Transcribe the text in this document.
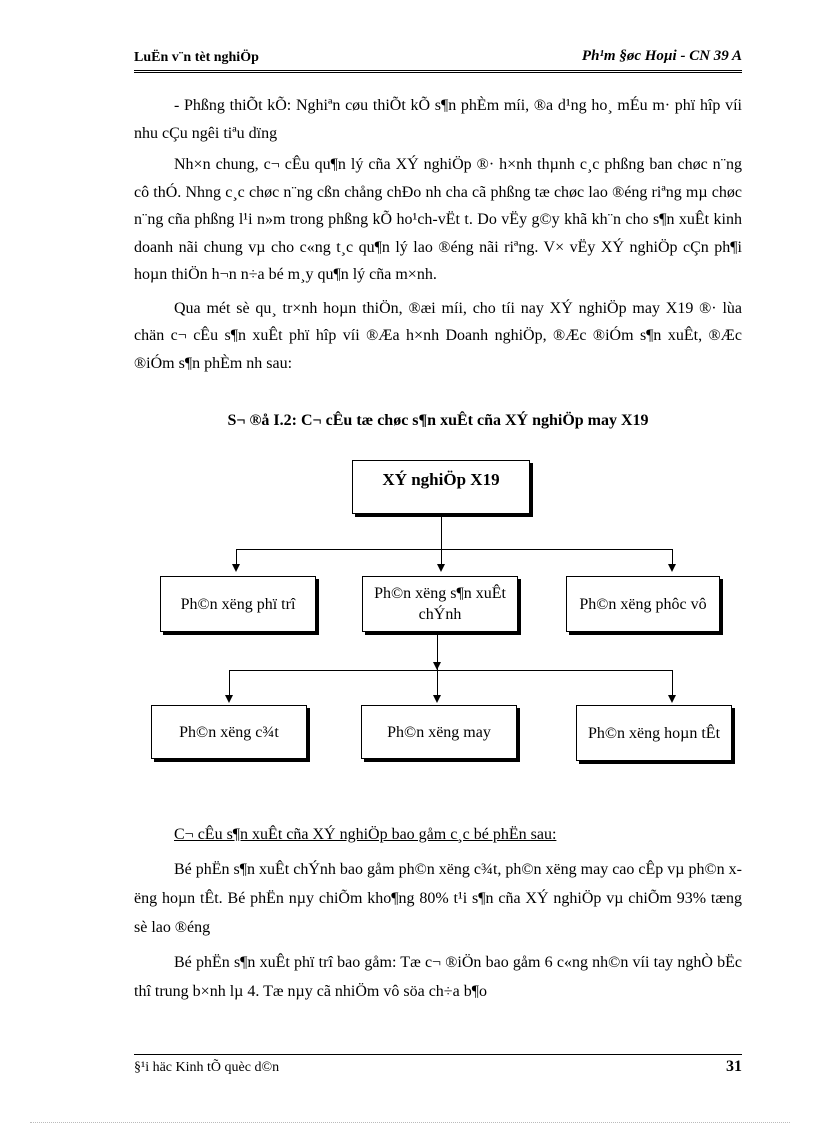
LuËn v¨n tèt nghiÖp	Ph¹m §øc Hoµi - CN 39 A

- Phßng thiÕt kÕ: Nghiªn cøu thiÕt kÕ s¶n phÈm míi, ®a d¹ng ho¸ mÉu m· phï hîp víi nhu cÇu ngêi tiªu dïng

Nh×n chung, c¬ cÊu qu¶n lý cña XÝ nghiÖp ®· h×nh thµnh c¸c phßng ban chøc n¨ng cô thÓ. Nhng c¸c chøc n¨ng cßn chång chÐo nh cha cã phßng tæ chøc lao ®éng riªng mµ chøc n¨ng cña phßng l¹i n»m trong phßng kÕ ho¹ch-vËt t. Do vËy g©y khã kh¨n cho s¶n xuÊt kinh doanh nãi chung vµ cho c«ng t¸c qu¶n lý lao ®éng nãi riªng. V× vËy XÝ nghiÖp cÇn ph¶i hoµn thiÖn h¬n n÷a bé m¸y qu¶n lý cña m×nh.

Qua mét sè qu¸ tr×nh hoµn thiÖn, ®æi míi, cho tíi nay XÝ nghiÖp may X19 ®· lùa chän c¬ cÊu s¶n xuÊt phï hîp víi ®Æa h×nh Doanh nghiÖp, ®Æc ®iÓm s¶n xuÊt, ®Æc ®iÓm s¶n phÈm nh sau:

S¬ ®å I.2: C¬ cÊu tæ chøc s¶n xuÊt cña XÝ nghiÖp may X19
XÝ nghiÖp X19
Ph©n xëng phï trî
Ph©n xëng s¶n xuÊt chÝnh
Ph©n xëng phôc vô
Ph©n xëng c¾t	Ph©n xëng may	Ph©n xëng hoµn tÊt

C¬ cÊu s¶n xuÊt cña XÝ nghiÖp bao gåm c¸c bé phËn sau:

Bé phËn s¶n xuÊt chÝnh bao gåm ph©n xëng c¾t, ph©n xëng may cao cÊp vµ ph©n xëng hoµn tÊt. Bé phËn nµy chiÕm kho¶ng 80% t¹i s¶n cña XÝ nghiÖp vµ chiÕm 93% tæng sè lao ®éng

Bé phËn s¶n xuÊt phï trî bao gåm: Tæ c¬ ®iÖn bao gåm 6 c«ng nh©n víi tay nghÒ bËc thî trung b×nh lµ 4. Tæ nµy cã nhiÖm vô söa ch÷a b¶o

§¹i häc Kinh tÕ quèc d©n	31
